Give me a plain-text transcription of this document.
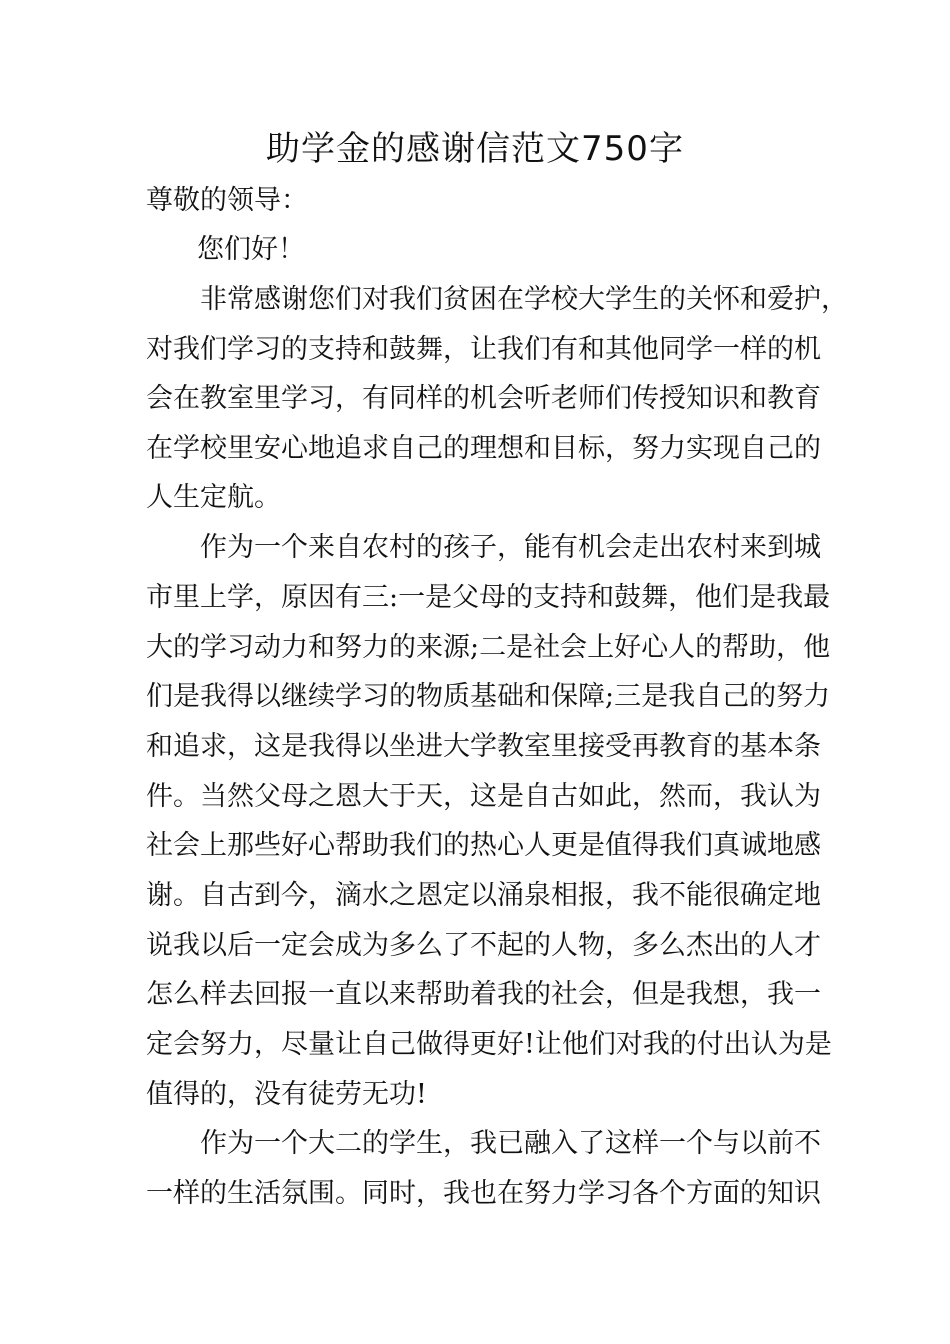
助学金的感谢信范文750字
尊敬的领导：
您们好！
非常感谢您们对我们贫困在学校大学生的关怀和爱护，
对我们学习的支持和鼓舞，让我们有和其他同学一样的机
会在教室里学习，有同样的机会听老师们传授知识和教育
在学校里安心地追求自己的理想和目标，努力实现自己的
人生定航。
作为一个来自农村的孩子，能有机会走出农村来到城
市里上学，原因有三:一是父母的支持和鼓舞，他们是我最
大的学习动力和努力的来源;二是社会上好心人的帮助，他
们是我得以继续学习的物质基础和保障;三是我自己的努力
和追求，这是我得以坐进大学教室里接受再教育的基本条
件。当然父母之恩大于天，这是自古如此，然而，我认为
社会上那些好心帮助我们的热心人更是值得我们真诚地感
谢。自古到今，滴水之恩定以涌泉相报，我不能很确定地
说我以后一定会成为多么了不起的人物，多么杰出的人才
怎么样去回报一直以来帮助着我的社会，但是我想，我一
定会努力，尽量让自己做得更好!让他们对我的付出认为是
值得的，没有徒劳无功!
作为一个大二的学生，我已融入了这样一个与以前不
一样的生活氛围。同时，我也在努力学习各个方面的知识
